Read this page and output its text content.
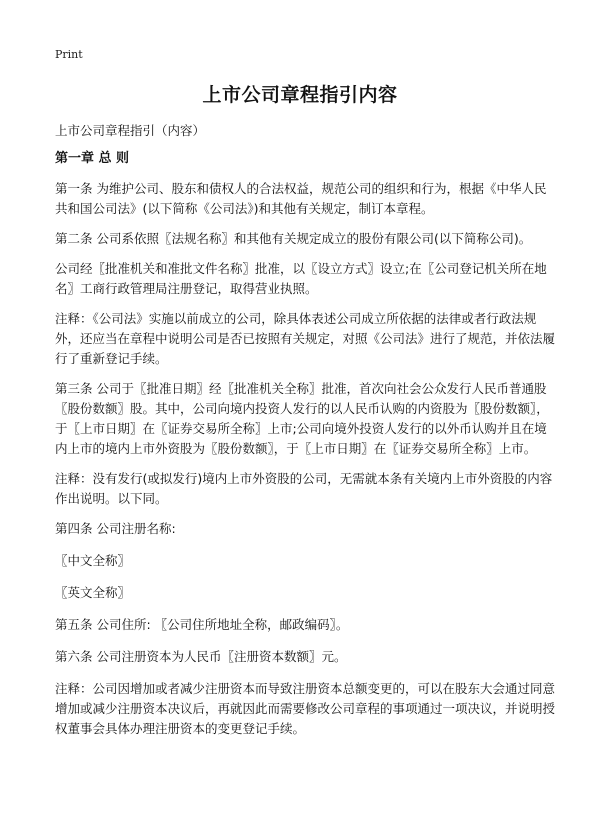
Print
上市公司章程指引内容

上市公司章程指引（内容）

第一章 总 则

第一条 为维护公司、股东和债权人的合法权益，规范公司的组织和行为，根据《中华人民共和国公司法》(以下简称《公司法》)和其他有关规定，制订本章程。

第二条 公司系依照〖法规名称〗和其他有关规定成立的股份有限公司(以下简称公司)。

公司经〖批准机关和准批文件名称〗批准，以〖设立方式〗设立;在〖公司登记机关所在地名〗工商行政管理局注册登记，取得营业执照。

注释：《公司法》实施以前成立的公司，除具体表述公司成立所依据的法律或者行政法规外，还应当在章程中说明公司是否已按照有关规定，对照《公司法》进行了规范，并依法履行了重新登记手续。

第三条 公司于〖批准日期〗经〖批准机关全称〗批准，首次向社会公众发行人民币普通股〖股份数额〗股。其中，公司向境内投资人发行的以人民币认购的内资股为〖股份数额〗，于〖上市日期〗在〖证券交易所全称〗上市;公司向境外投资人发行的以外币认购并且在境内上市的境内上市外资股为〖股份数额〗，于〖上市日期〗在〖证券交易所全称〗上市。

注释：没有发行(或拟发行)境内上市外资股的公司，无需就本条有关境内上市外资股的内容作出说明。以下同。

第四条 公司注册名称:

〖中文全称〗

〖英文全称〗

第五条 公司住所: 〖公司住所地址全称，邮政编码〗。

第六条 公司注册资本为人民币〖注册资本数额〗元。

注释：公司因增加或者减少注册资本而导致注册资本总额变更的，可以在股东大会通过同意增加或减少注册资本决议后，再就因此而需要修改公司章程的事项通过一项决议，并说明授权董事会具体办理注册资本的变更登记手续。
